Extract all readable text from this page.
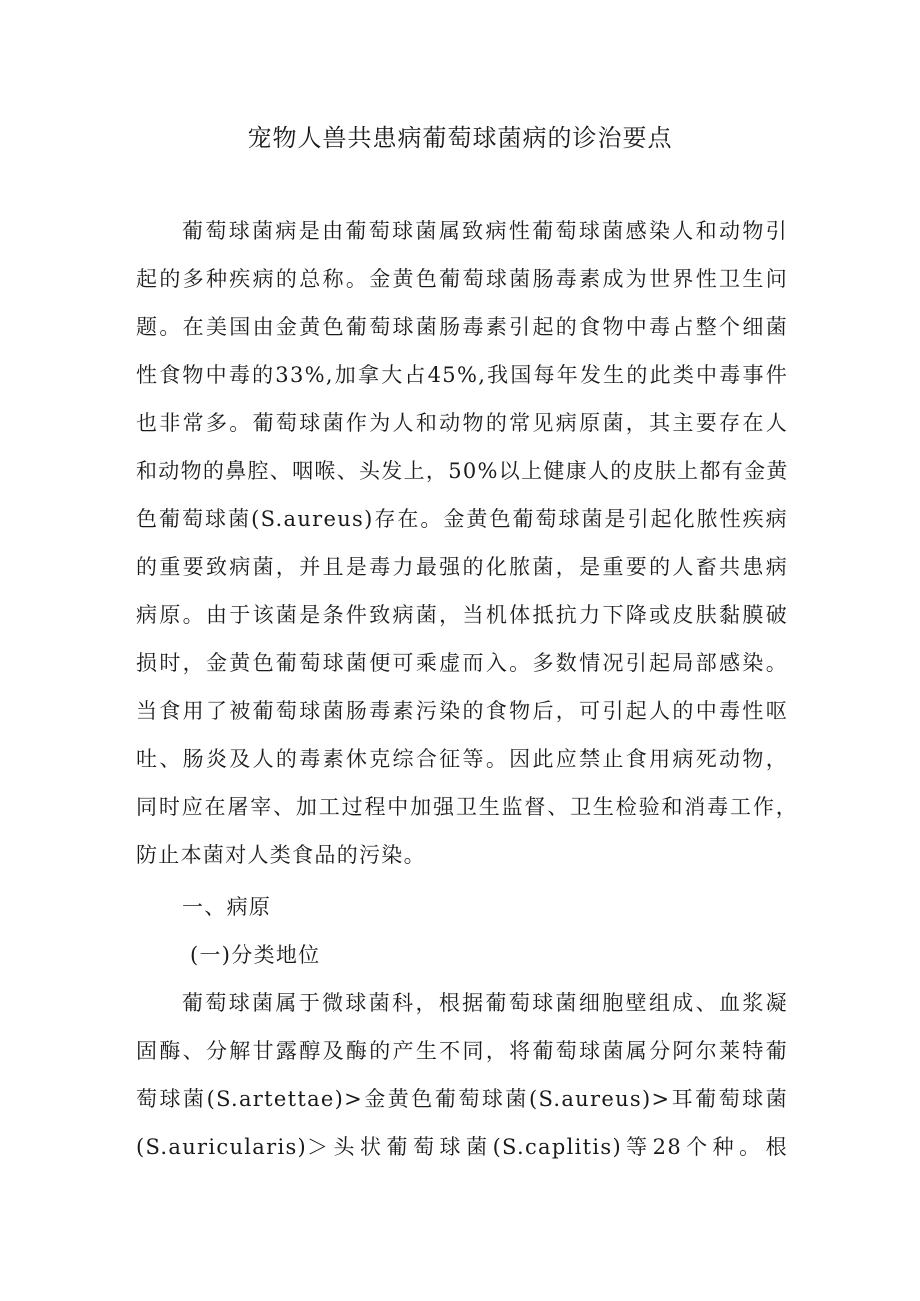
宠物人兽共患病葡萄球菌病的诊治要点
葡萄球菌病是由葡萄球菌属致病性葡萄球菌感染人和动物引
起的多种疾病的总称。金黄色葡萄球菌肠毒素成为世界性卫生问
题。在美国由金黄色葡萄球菌肠毒素引起的食物中毒占整个细菌
性食物中毒的33%,加拿大占45%,我国每年发生的此类中毒事件
也非常多。葡萄球菌作为人和动物的常见病原菌，其主要存在人
和动物的鼻腔、咽喉、头发上，50%以上健康人的皮肤上都有金黄
色葡萄球菌(S.aureus)存在。金黄色葡萄球菌是引起化脓性疾病
的重要致病菌，并且是毒力最强的化脓菌，是重要的人畜共患病
病原。由于该菌是条件致病菌，当机体抵抗力下降或皮肤黏膜破
损时，金黄色葡萄球菌便可乘虚而入。多数情况引起局部感染。
当食用了被葡萄球菌肠毒素污染的食物后，可引起人的中毒性呕
吐、肠炎及人的毒素休克综合征等。因此应禁止食用病死动物，
同时应在屠宰、加工过程中加强卫生监督、卫生检验和消毒工作，
防止本菌对人类食品的污染。
一、病原
(一)分类地位
葡萄球菌属于微球菌科，根据葡萄球菌细胞壁组成、血浆凝
固酶、分解甘露醇及酶的产生不同，将葡萄球菌属分阿尔莱特葡
萄球菌(S.artettae)>金黄色葡萄球菌(S.aureus)>耳葡萄球菌
(S.auricularis)＞头状葡萄球菌(S.caplitis)等28个种。根
